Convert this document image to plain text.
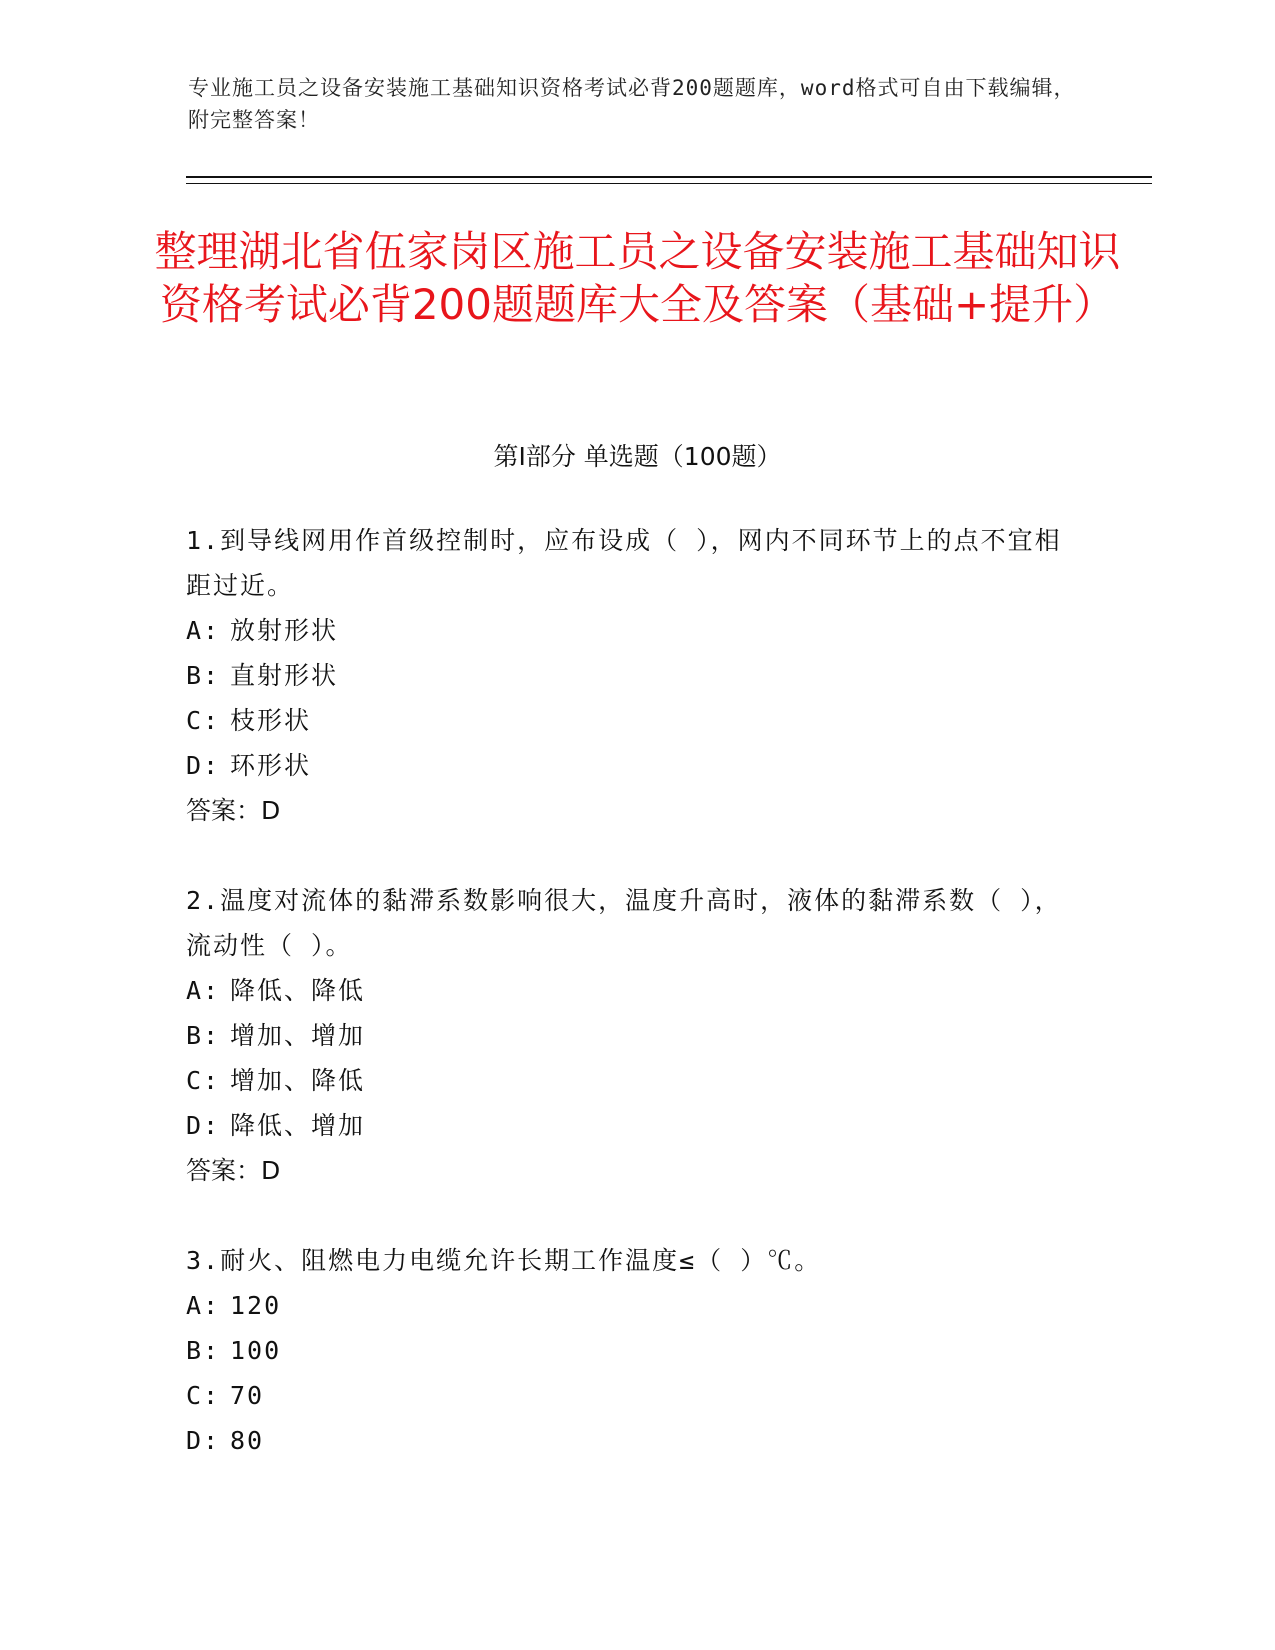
专业施工员之设备安装施工基础知识资格考试必背200题题库，word格式可自由下载编辑，附完整答案！
整理湖北省伍家岗区施工员之设备安装施工基础知识资格考试必背200题题库大全及答案（基础+提升）
第Ⅰ部分 单选题（100题）
1.到导线网用作首级控制时，应布设成（ ），网内不同环节上的点不宜相距过近。
A: 放射形状
B: 直射形状
C: 枝形状
D: 环形状
答案：D
2.温度对流体的黏滞系数影响很大，温度升高时，液体的黏滞系数（ ），流动性（ ）。
A: 降低、降低
B: 增加、增加
C: 增加、降低
D: 降低、增加
答案：D
3.耐火、阻燃电力电缆允许长期工作温度≤（ ）℃。
A: 120
B: 100
C: 70
D: 80
